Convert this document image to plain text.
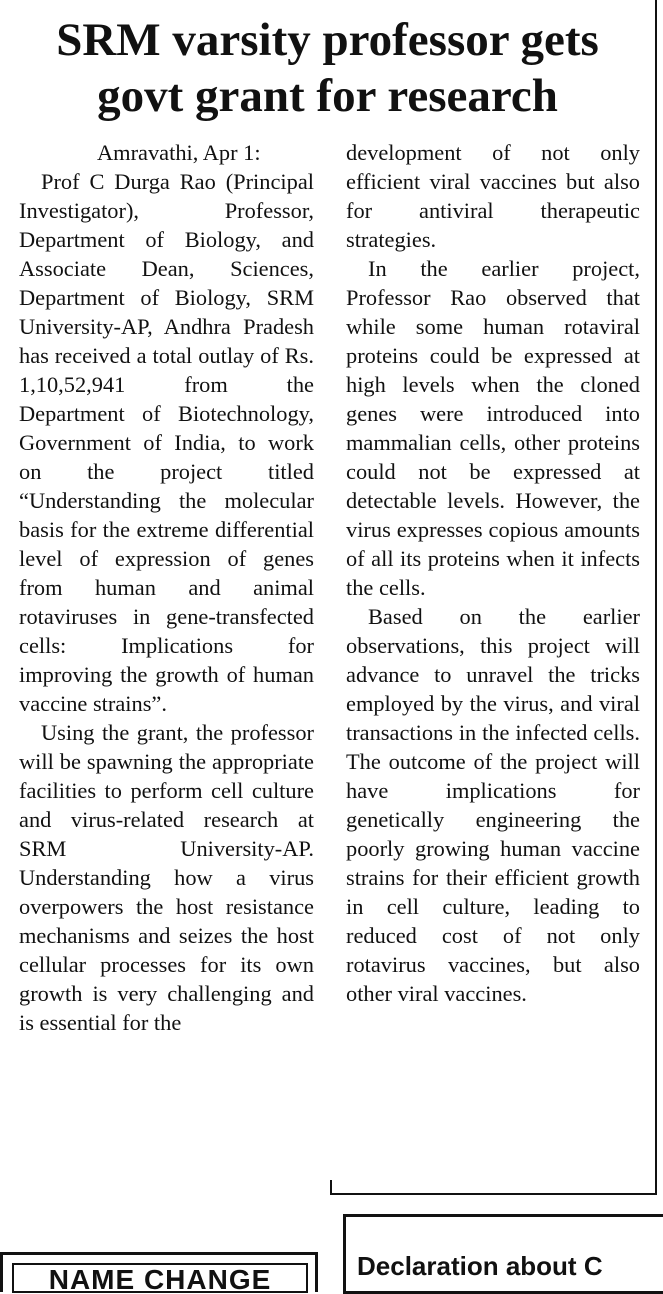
SRM varsity professor gets
govt grant for research

Amravathi, Apr 1:

Prof C Durga Rao (Principal Investigator), Professor, Department of Biology, and Associate Dean, Sciences, Department of Biology, SRM University-AP, Andhra Pradesh has received a total outlay of Rs. 1,10,52,941 from the Department of Biotechnology, Government of India, to work on the project titled “Understanding the molecular basis for the extreme differential level of expression of genes from human and animal rotaviruses in gene-transfected cells: Implications for improving the growth of human vaccine strains”.

Using the grant, the professor will be spawning the appropriate facilities to perform cell culture and virus-related research at SRM University-AP. Understanding how a virus overpowers the host resistance mechanisms and seizes the host cellular processes for its own growth is very challenging and is essential for the

development of not only efficient viral vaccines but also for antiviral therapeutic strategies.

In the earlier project, Professor Rao observed that while some human rotaviral proteins could be expressed at high levels when the cloned genes were introduced into mammalian cells, other proteins could not be expressed at detectable levels. However, the virus expresses copious amounts of all its proteins when it infects the cells.

Based on the earlier observations, this project will advance to unravel the tricks employed by the virus, and viral transactions in the infected cells. The outcome of the project will have implications for genetically engineering the poorly growing human vaccine strains for their efficient growth in cell culture, leading to reduced cost of not only rotavirus vaccines, but also other viral vaccines.

NAME CHANGE	Declaration about C
